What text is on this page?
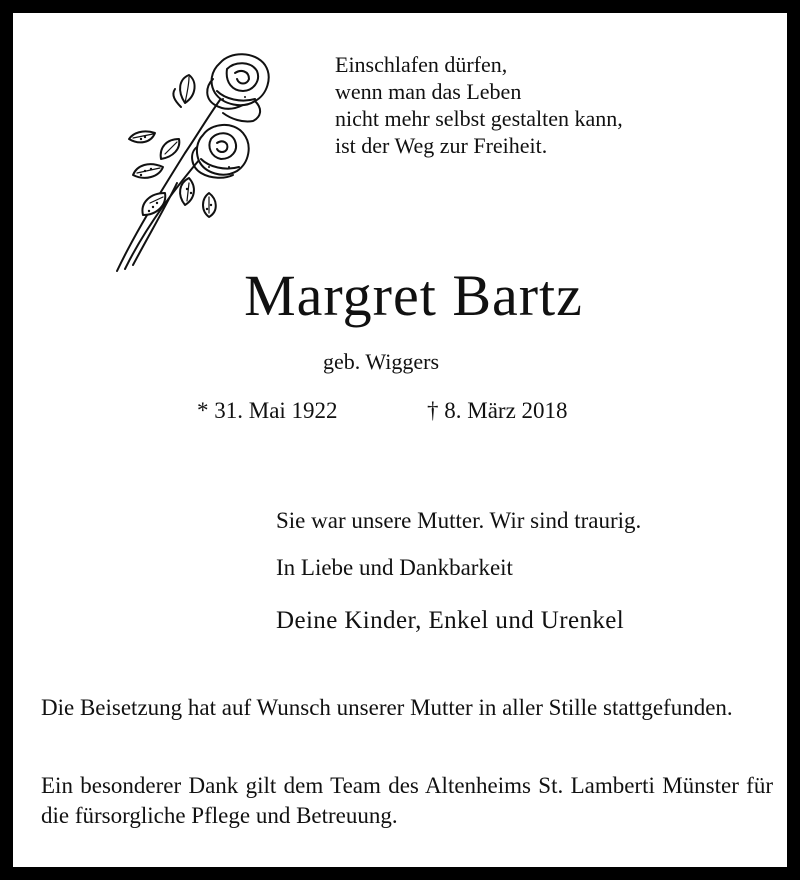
Einschlafen dürfen,
wenn man das Leben
nicht mehr selbst gestalten kann,
ist der Weg zur Freiheit.
Margret Bartz
geb. Wiggers
* 31. Mai 1922	† 8. März 2018
Sie war unsere Mutter. Wir sind traurig.
In Liebe und Dankbarkeit
Deine Kinder, Enkel und Urenkel
Die Beisetzung hat auf Wunsch unserer Mutter in aller Stille stattgefunden.
Ein besonderer Dank gilt dem Team des Altenheims St. Lamberti Münster für die fürsorgliche Pflege und Betreuung.
